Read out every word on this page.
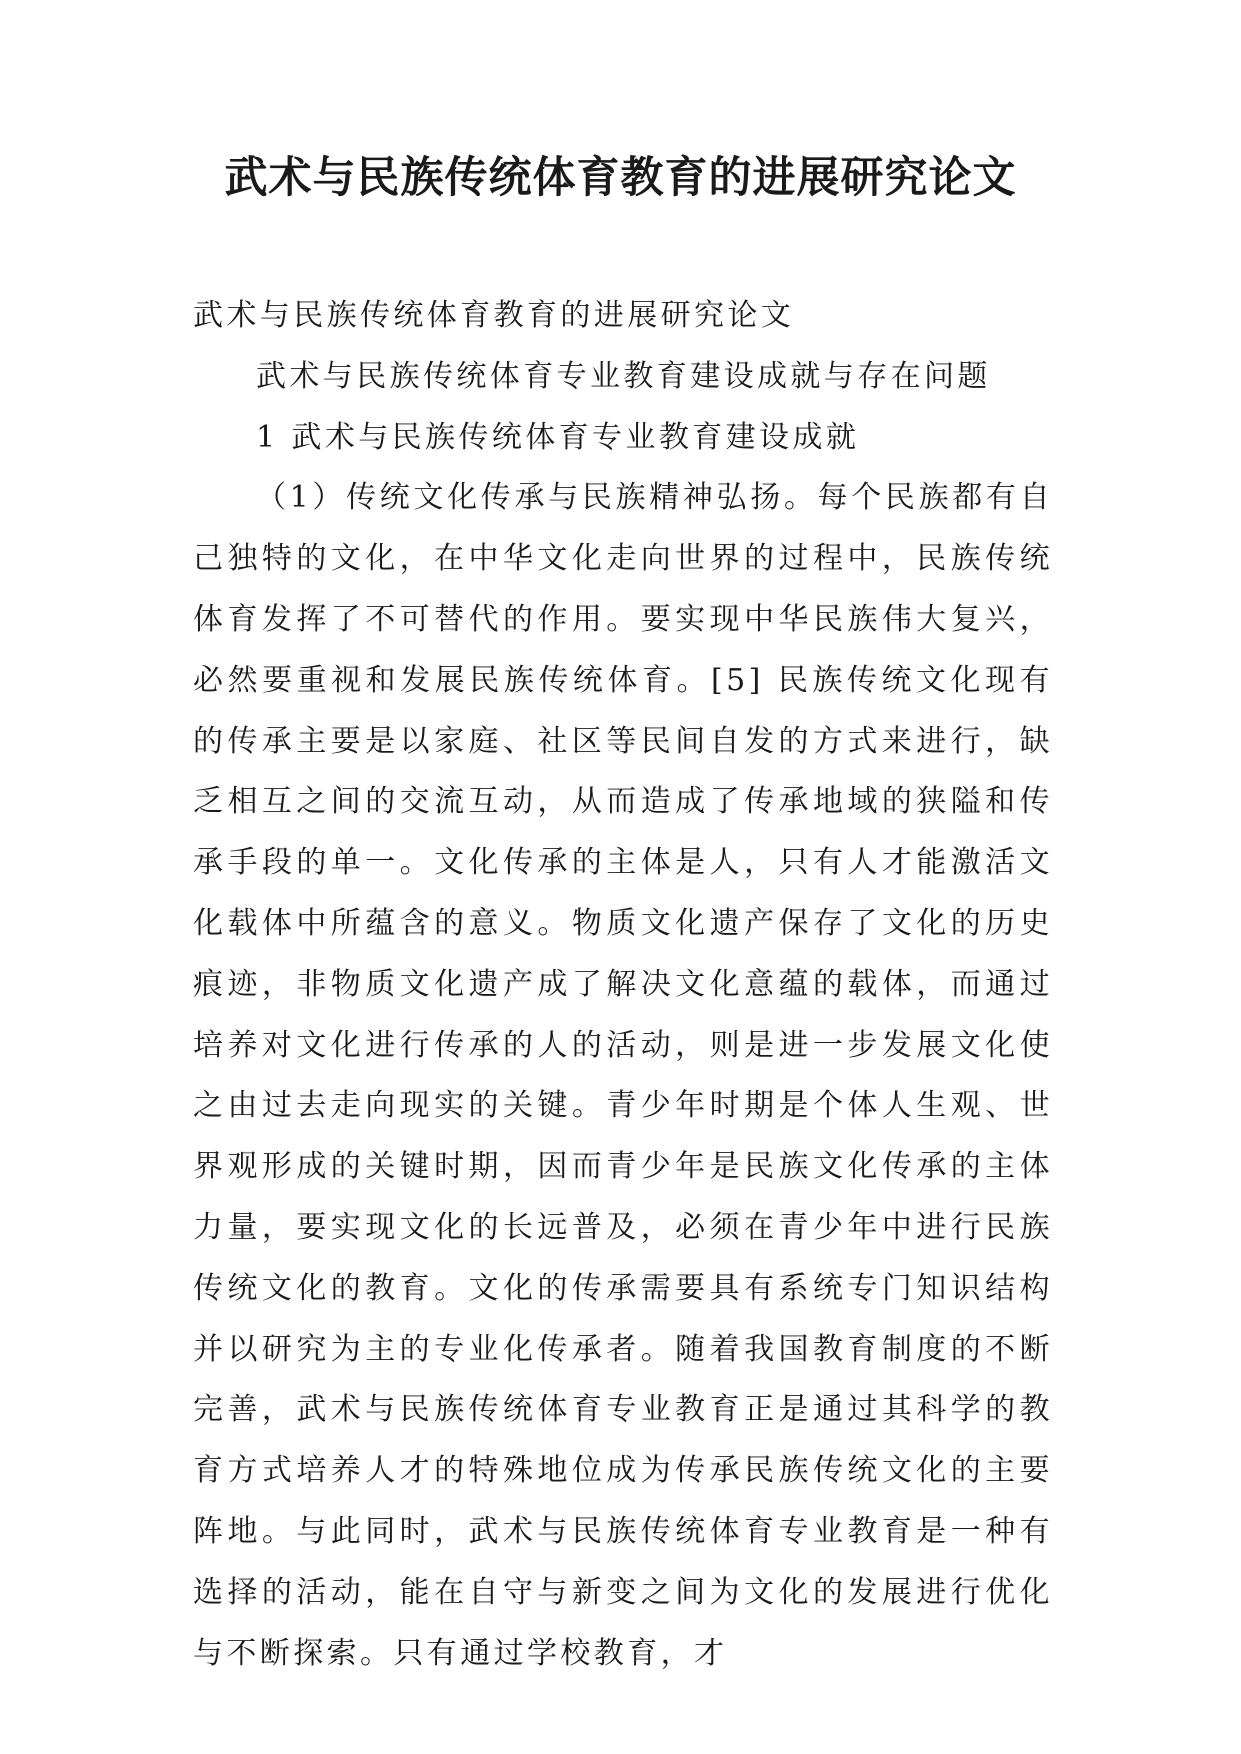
武术与民族传统体育教育的进展研究论文

武术与民族传统体育教育的进展研究论文

武术与民族传统体育专业教育建设成就与存在问题

1 武术与民族传统体育专业教育建设成就

（1）传统文化传承与民族精神弘扬。每个民族都有自己独特的文化，在中华文化走向世界的过程中，民族传统体育发挥了不可替代的作用。要实现中华民族伟大复兴，必然要重视和发展民族传统体育。[5] 民族传统文化现有的传承主要是以家庭、社区等民间自发的方式来进行，缺乏相互之间的交流互动，从而造成了传承地域的狭隘和传承手段的单一。文化传承的主体是人，只有人才能激活文化载体中所蕴含的意义。物质文化遗产保存了文化的历史痕迹，非物质文化遗产成了解决文化意蕴的载体，而通过培养对文化进行传承的人的活动，则是进一步发展文化使之由过去走向现实的关键。青少年时期是个体人生观、世界观形成的关键时期，因而青少年是民族文化传承的主体力量，要实现文化的长远普及，必须在青少年中进行民族传统文化的教育。文化的传承需要具有系统专门知识结构并以研究为主的专业化传承者。随着我国教育制度的不断完善，武术与民族传统体育专业教育正是通过其科学的教育方式培养人才的特殊地位成为传承民族传统文化的主要阵地。与此同时，武术与民族传统体育专业教育是一种有选择的活动，能在自守与新变之间为文化的发展进行优化与不断探索。只有通过学校教育，才
